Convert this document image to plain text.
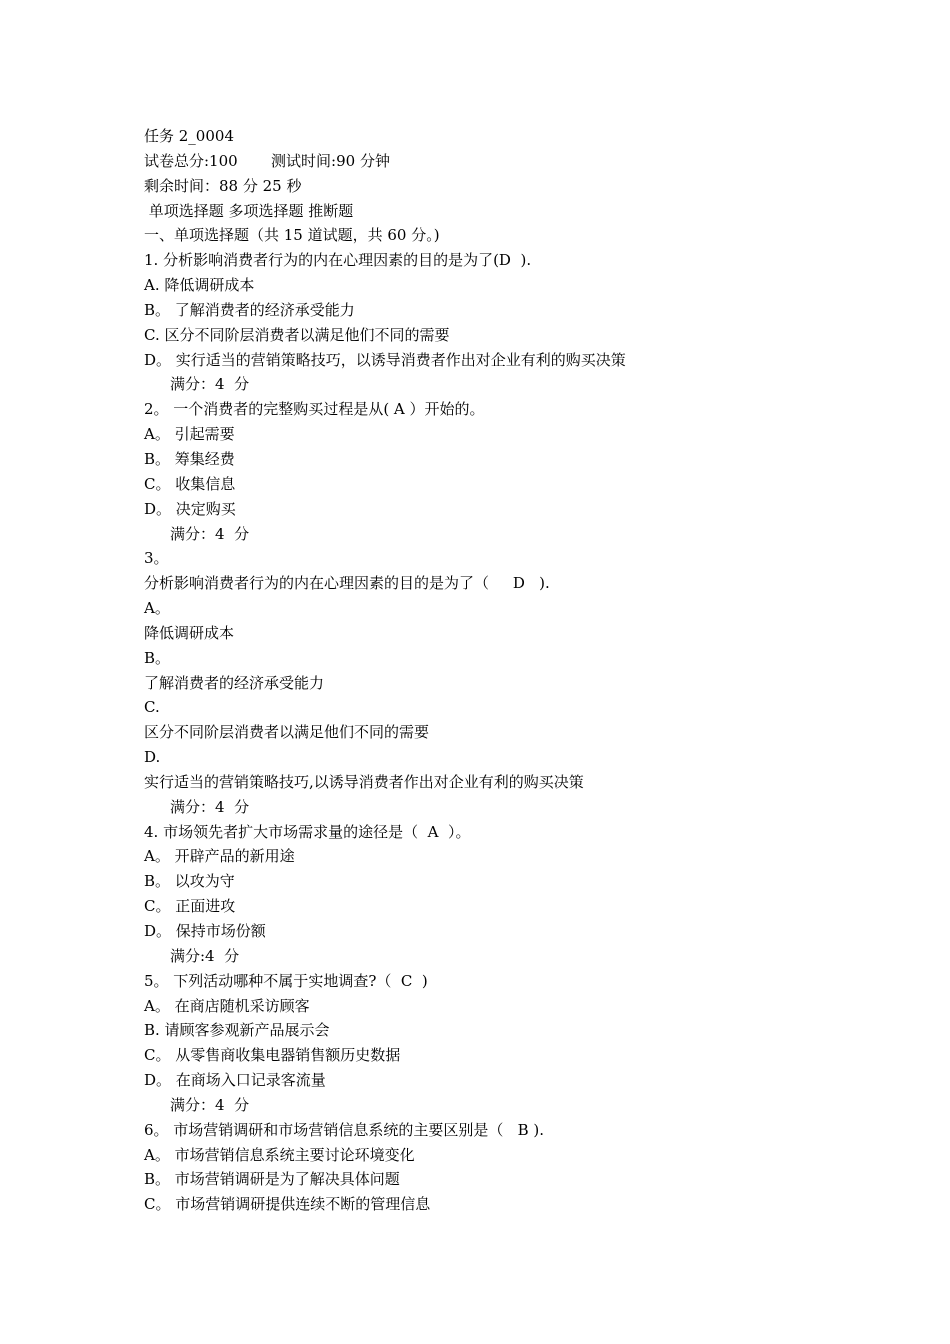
任务 2_0004
试卷总分:100       测试时间:90 分钟
剩余时间：88 分 25 秒
单项选择题 多项选择题 推断题
一、单项选择题（共 15 道试题，共 60 分。)
1. 分析影响消费者行为的内在心理因素的目的是为了(D  ).
A. 降低调研成本
B。 了解消费者的经济承受能力
C. 区分不同阶层消费者以满足他们不同的需要
D。 实行适当的营销策略技巧，以诱导消费者作出对企业有利的购买决策
满分：4  分
2。 一个消费者的完整购买过程是从( A ）开始的。
A。 引起需要
B。 筹集经费
C。 收集信息
D。 决定购买
满分：4  分
3。
分析影响消费者行为的内在心理因素的目的是为了（     D   ).
A。
降低调研成本
B。
了解消费者的经济承受能力
C.
区分不同阶层消费者以满足他们不同的需要
D.
实行适当的营销策略技巧,以诱导消费者作出对企业有利的购买决策
满分：4  分
4. 市场领先者扩大市场需求量的途径是（  A  ）。
A。 开辟产品的新用途
B。 以攻为守
C。 正面进攻
D。 保持市场份额
满分:4  分
5。 下列活动哪种不属于实地调查?（  C  )
A。 在商店随机采访顾客
B. 请顾客参观新产品展示会
C。 从零售商收集电器销售额历史数据
D。 在商场入口记录客流量
满分：4  分
6。 市场营销调研和市场营销信息系统的主要区别是（   B ).
A。 市场营销信息系统主要讨论环境变化
B。 市场营销调研是为了解决具体问题
C。 市场营销调研提供连续不断的管理信息
